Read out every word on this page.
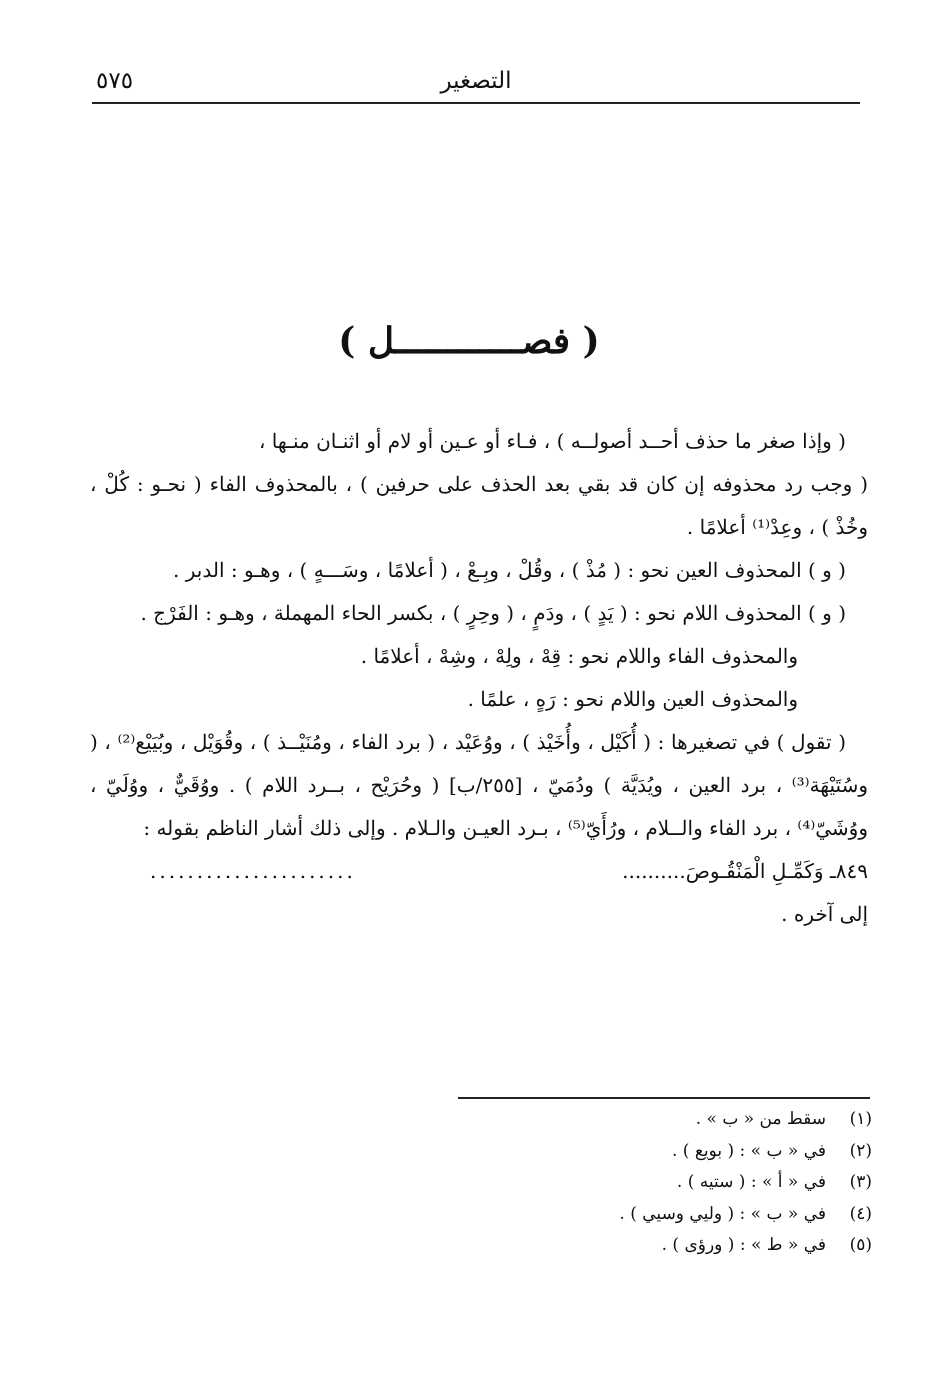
التصغير
٥٧٥
( فصــــــــــــل )

( وإذا صغر ما حذف أحــد أصولــه ) ، فـاء أو عـين أو لام أو اثنـان منـها ،

( وجب رد محذوفه إن كان قد بقي بعد الحذف على حرفين ) ، بالمحذوف الفاء ( نحـو : كُلْ ، وخُذْ ) ، وعِدْ⁽¹⁾ أعلامًا .

( و ) المحذوف العين نحو : ( مُذْ ) ، وقُلْ ، وبِـعْ ، ( أعلامًا ، وسَـــهٍ ) ، وهـو : الدبر .

( و ) المحذوف اللام نحو : ( يَدٍ ) ، ودَمٍ ، ( وحِرٍ ) ، بكسر الحاء المهملة ، وهـو : الفَرْج .

والمحذوف الفاء واللام نحو : قِهْ ، ولِهْ ، وشِهْ ، أعلامًا .

والمحذوف العين واللام نحو : رَهٍ ، علمًا .

( تقول ) في تصغيرها : ( أُكَيْل ، وأُخَيْذ ) ، ووُعَيْد ، ( برد الفاء ، ومُنَيْــذ ) ، وقُوَيْل ، وبُيَيْع⁽²⁾ ، ( وسُتَيْهَة⁽³⁾ ، برد العين ، ويُدَيَّة ) ودُمَيّ ، [٢٥٥/ب] ( وحُرَيْح ، بــرد اللام ) . ووُقَيٌّ ، ووُلَيّ ، ووُشَيّ⁽⁴⁾ ، برد الفاء والــلام ، ورُأَيّ⁽⁵⁾ ، بـرد العيـن والـلام . وإلى ذلك أشار الناظم بقوله :

٨٤٩ـ وَكَمِّـلِ الْمَنْقُـوصَ..........
......................

إلى آخره .

(١)
سقط من « ب » .
(٢)
في « ب » : ( بويع ) .
(٣)
في « أ » : ( ستيه ) .
(٤)
في « ب » : ( وليي وسيي ) .
(٥)
في « ط » : ( ورؤى ) .
